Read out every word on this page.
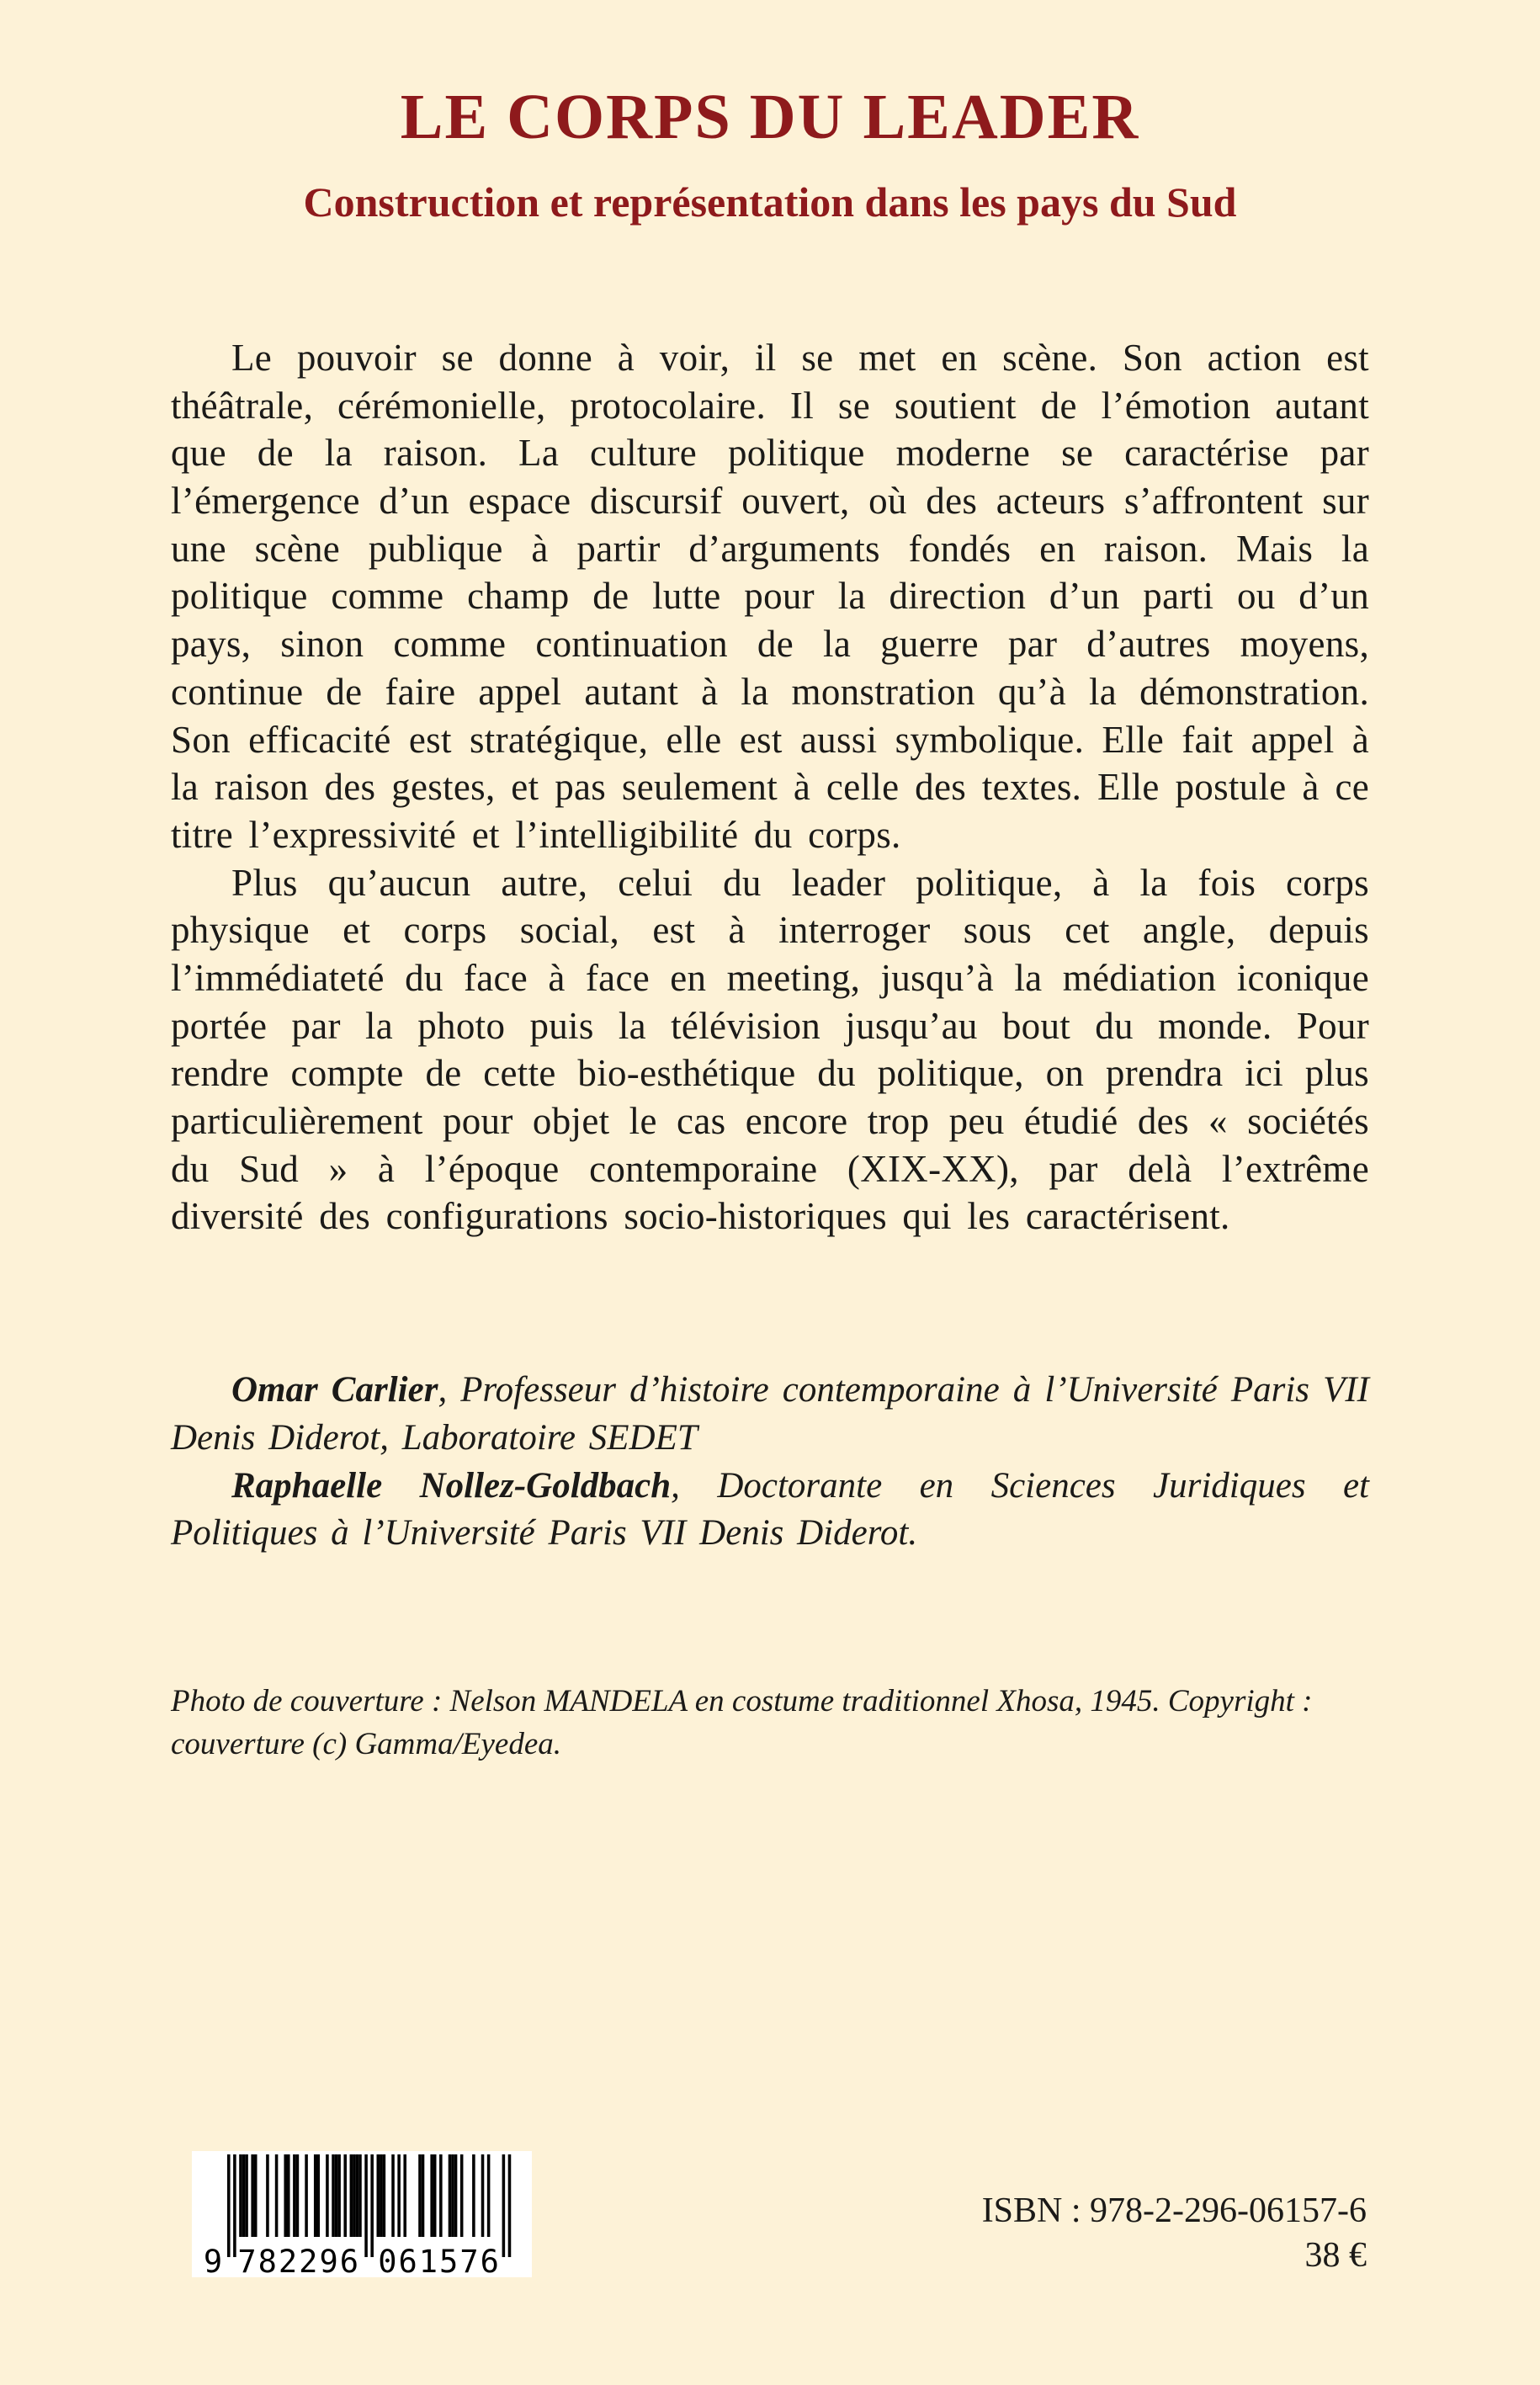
LE CORPS DU LEADER
Construction et représentation dans les pays du Sud

Le pouvoir se donne à voir, il se met en scène. Son action est théâtrale, cérémonielle, protocolaire. Il se soutient de l’émotion autant que de la raison. La culture politique moderne se caractérise par l’émergence d’un espace discursif ouvert, où des acteurs s’affrontent sur une scène publique à partir d’arguments fondés en raison. Mais la politique comme champ de lutte pour la direction d’un parti ou d’un pays, sinon comme continuation de la guerre par d’autres moyens, continue de faire appel autant à la monstration qu’à la démonstration. Son efficacité est stratégique, elle est aussi symbolique. Elle fait appel à la raison des gestes, et pas seulement à celle des textes. Elle postule à ce titre l’expressivité et l’intelligibilité du corps.

Plus qu’aucun autre, celui du leader politique, à la fois corps physique et corps social, est à interroger sous cet angle, depuis l’immédiateté du face à face en meeting, jusqu’à la médiation iconique portée par la photo puis la télévision jusqu’au bout du monde. Pour rendre compte de cette bio-esthétique du politique, on prendra ici plus particulièrement pour objet le cas encore trop peu étudié des « sociétés du Sud » à l’époque contemporaine (XIX-XX), par delà l’extrême diversité des configurations socio-historiques qui les caractérisent.

Omar Carlier, Professeur d’histoire contemporaine à l’Université Paris VII Denis Diderot, Laboratoire SEDET

Raphaelle Nollez-Goldbach, Doctorante en Sciences Juridiques et Politiques à l’Université Paris VII Denis Diderot.

Photo de couverture : Nelson MANDELA en costume traditionnel Xhosa, 1945. Copyright : couverture (c) Gamma/Eyedea.

9 782296 061576
ISBN : 978-2-296-06157-6
38 €
